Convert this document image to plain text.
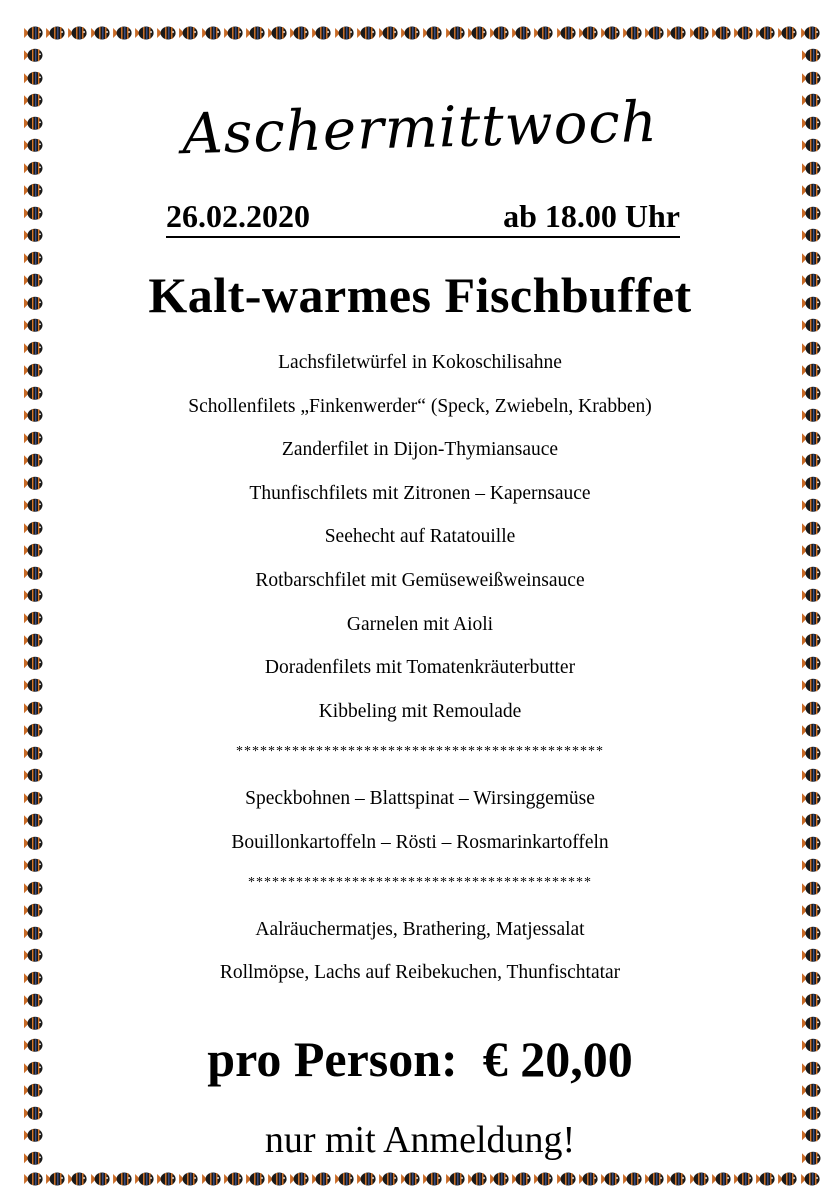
Aschermittwoch
26.02.2020	ab 18.00 Uhr
Kalt-warmes Fischbuffet
Lachsfiletwürfel in Kokoschilisahne
Schollenfilets „Finkenwerder“ (Speck, Zwiebeln, Krabben)
Zanderfilet in Dijon-Thymiansauce
Thunfischfilets mit Zitronen – Kapernsauce
Seehecht auf Ratatouille
Rotbarschfilet mit Gemüseweißweinsauce
Garnelen mit Aioli
Doradenfilets mit Tomatenkräuterbutter
Kibbeling mit Remoulade
**********************************************
Speckbohnen – Blattspinat – Wirsinggemüse
Bouillonkartoffeln – Rösti – Rosmarinkartoffeln
*******************************************
Aalräuchermatjes, Brathering, Matjessalat
Rollmöpse, Lachs auf Reibekuchen, Thunfischtatar
pro Person:  € 20,00
nur mit Anmeldung!
